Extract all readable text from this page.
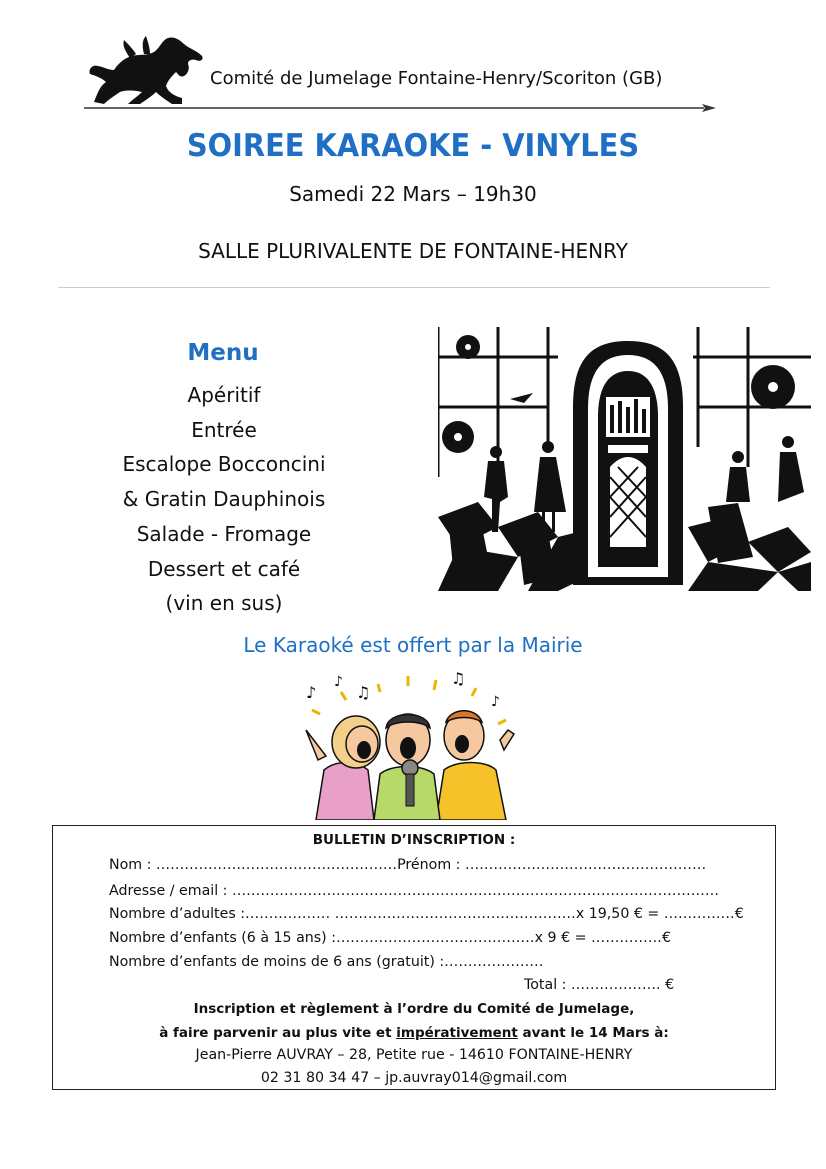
Comité de Jumelage Fontaine-Henry/Scoriton (GB)
SOIREE KARAOKE - VINYLES
Samedi 22 Mars – 19h30
SALLE PLURIVALENTE DE FONTAINE-HENRY
Menu
Apéritif
Entrée
Escalope Bocconcini
& Gratin Dauphinois
Salade - Fromage
Dessert et café
(vin en sus)
Le Karaoké est offert par la Mairie
♪
♪
♫
♫
♪
BULLETIN D’INSCRIPTION :
Nom : ……………………………………………Prénom : ……………………………………………
Adresse / email : ………………………………………………………………………………………….
Nombre d’adultes :……………… ……………………………………………x 19,50 € = ……………€
Nombre d’enfants (6 à 15 ans) :……………………………………x 9 € = ……………€
Nombre d’enfants de moins de 6 ans (gratuit) :…………………
Total : ………………. €
Inscription et règlement à l’ordre du Comité de Jumelage,
à faire parvenir au plus vite et impérativement avant le 14 Mars à:
Jean-Pierre AUVRAY – 28, Petite rue - 14610 FONTAINE-HENRY
02 31 80 34 47 – jp.auvray014@gmail.com
